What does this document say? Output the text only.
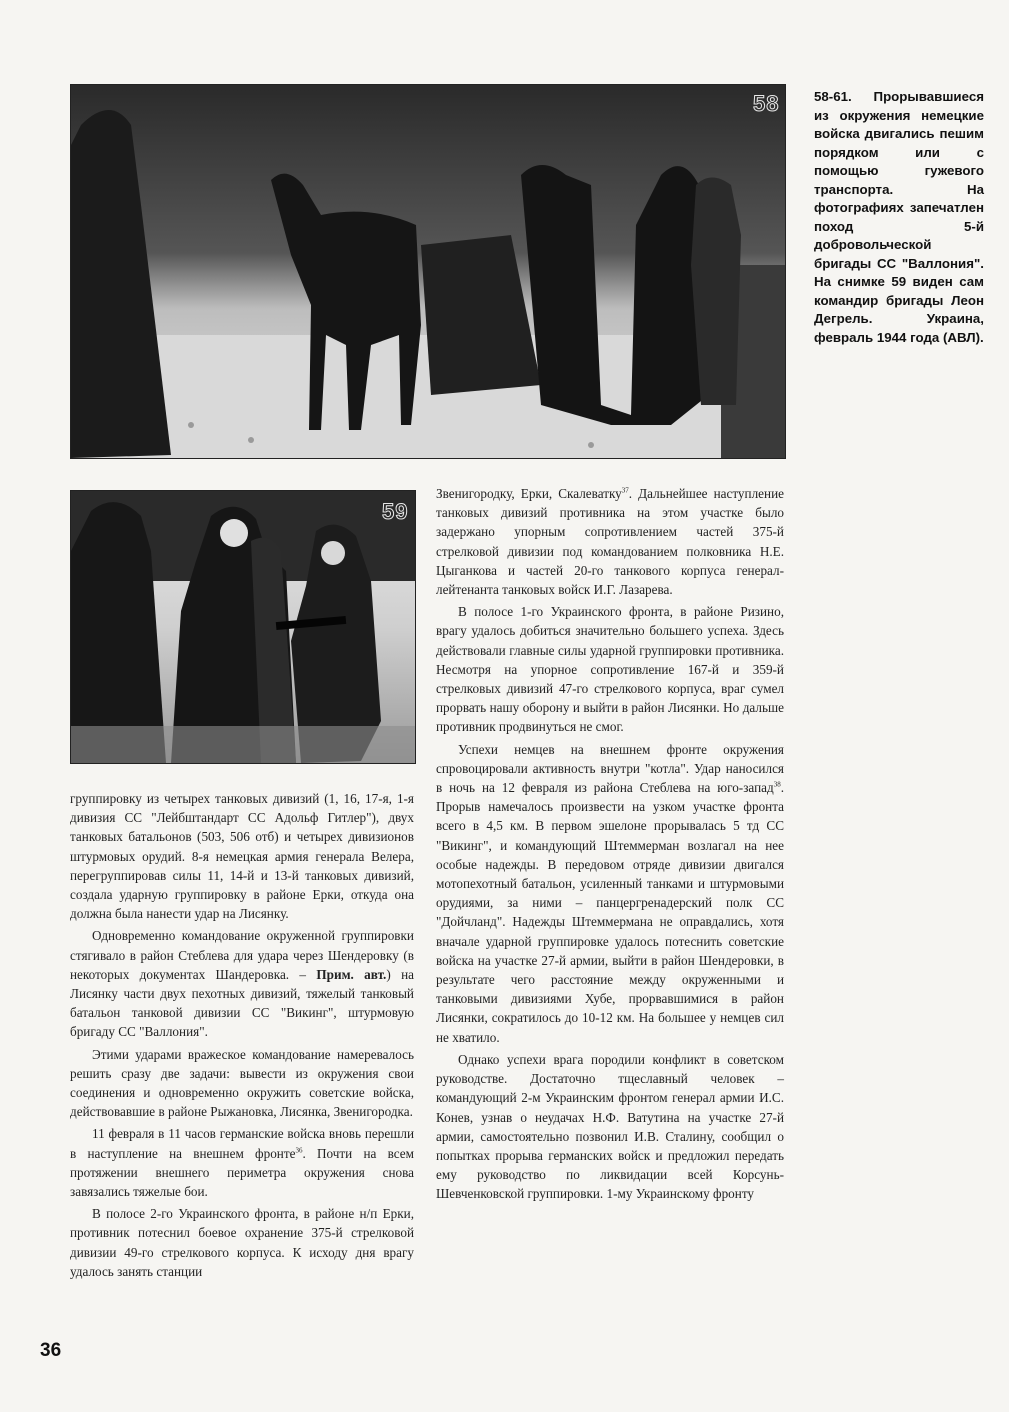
58	58-61. Прорывавшиеся из окружения немецкие войска двигались пешим порядком или с помощью гужевого транспорта. На фотографиях запечатлен поход 5-й добровольческой бригады СС "Валлония". На снимке 59 виден сам командир бригады Леон Дегрель. Украина, февраль 1944 года (АВЛ).

59

группировку из четырех танковых дивизий (1, 16, 17-я, 1-я дивизия СС "Лейбштандарт СС Адольф Гитлер"), двух танковых батальонов (503, 506 отб) и четырех дивизионов штурмовых орудий. 8-я немецкая армия генерала Велера, перегруппировав силы 11, 14-й и 13-й танковых дивизий, создала ударную группировку в районе Ерки, откуда она должна была нанести удар на Лисянку.

Одновременно командование окруженной группировки стягивало в район Стеблева для удара через Шендеровку (в некоторых документах Шандеровка. – Прим. авт.) на Лисянку части двух пехотных дивизий, тяжелый танковый батальон танковой дивизии СС "Викинг", штурмовую бригаду СС "Валлония".

Этими ударами вражеское командование намеревалось решить сразу две задачи: вывести из окружения свои соединения и одновременно окружить советские войска, действовавшие в районе Рыжановка, Лисянка, Звенигородка.

11 февраля в 11 часов германские войска вновь перешли в наступление на внешнем фронте$^{36}$. Почти на всем протяжении внешнего периметра окружения снова завязались тяжелые бои.

В полосе 2-го Украинского фронта, в районе н/п Ерки, противник потеснил боевое охранение 375-й стрелковой дивизии 49-го стрелкового корпуса. К исходу дня врагу удалось занять станции

Звенигородку, Ерки, Скалеватку$^{37}$. Дальнейшее наступление танковых дивизий противника на этом участке было задержано упорным сопротивлением частей 375-й стрелковой дивизии под командованием полковника Н.Е. Цыганкова и частей 20-го танкового корпуса генерал-лейтенанта танковых войск И.Г. Лазарева.

В полосе 1-го Украинского фронта, в районе Ризино, врагу удалось добиться значительно большего успеха. Здесь действовали главные силы ударной группировки противника. Несмотря на упорное сопротивление 167-й и 359-й стрелковых дивизий 47-го стрелкового корпуса, враг сумел прорвать нашу оборону и выйти в район Лисянки. Но дальше противник продвинуться не смог.

Успехи немцев на внешнем фронте окружения спровоцировали активность внутри "котла". Удар наносился в ночь на 12 февраля из района Стеблева на юго-запад$^{38}$. Прорыв намечалось произвести на узком участке фронта всего в 4,5 км. В первом эшелоне прорывалась 5 тд СС "Викинг", и командующий Штеммерман возлагал на нее особые надежды. В передовом отряде дивизии двигался мотопехотный батальон, усиленный танками и штурмовыми орудиями, за ними – панцергренадерский полк СС "Дойчланд". Надежды Штеммермана не оправдались, хотя вначале ударной группировке удалось потеснить советские войска на участке 27-й армии, выйти в район Шендеровки, в результате чего расстояние между окруженными и танковыми дивизиями Хубе, прорвавшимися в район Лисянки, сократилось до 10-12 км. На большее у немцев сил не хватило.

Однако успехи врага породили конфликт в советском руководстве. Достаточно тщеславный человек – командующий 2-м Украинским фронтом генерал армии И.С. Конев, узнав о неудачах Н.Ф. Ватутина на участке 27-й армии, самостоятельно позвонил И.В. Сталину, сообщил о попытках прорыва германских войск и предложил передать ему руководство по ликвидации всей Корсунь-Шевченковской группировки. 1-му Украинскому фронту

36
